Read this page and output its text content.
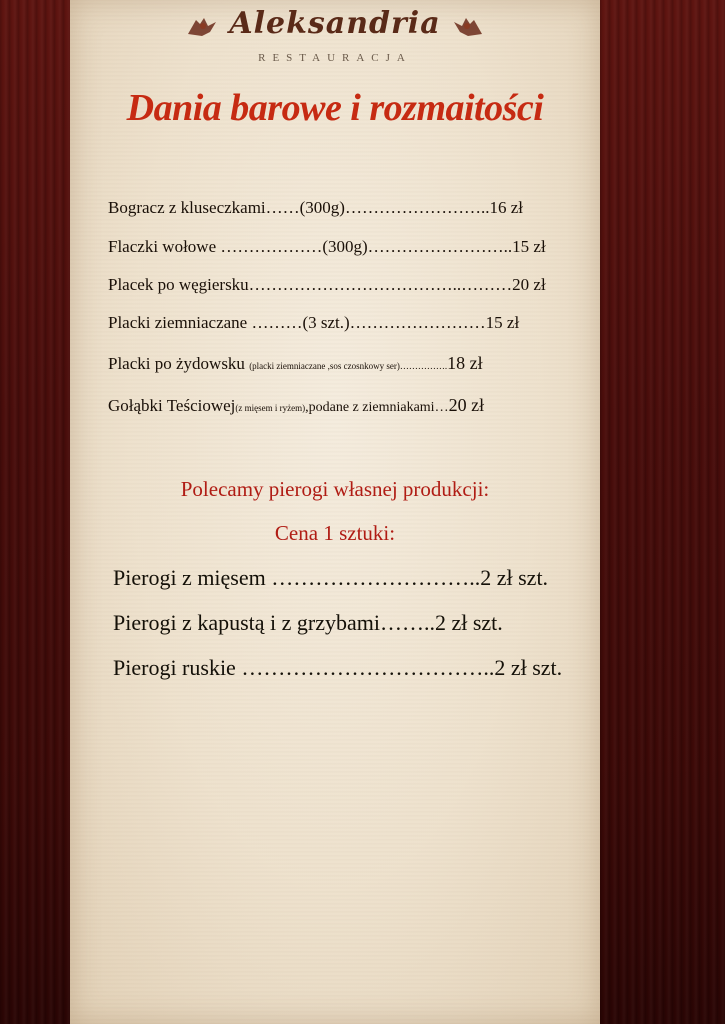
Aleksandria
RESTAURACJA
Dania barowe i rozmaitości
Bogracz z kluseczkami……(300g)……………………..16 zł
Flaczki wołowe ………………(300g)……………………..15 zł
Placek po węgiersku………………………………..………20 zł
Placki ziemniaczane ………(3 szt.)……………………15 zł
Placki po żydowsku (placki ziemniaczane ,sos czosnkowy ser)…………….18 zł
Gołąbki Teściowej(z mięsem i ryżem),podane z ziemniakami…20 zł
Polecamy pierogi własnej produkcji:
Cena 1 sztuki:
Pierogi z mięsem ………………………..2 zł szt.
Pierogi z kapustą i z grzybami……..2 zł szt.
Pierogi ruskie ……………………………..2 zł szt.
